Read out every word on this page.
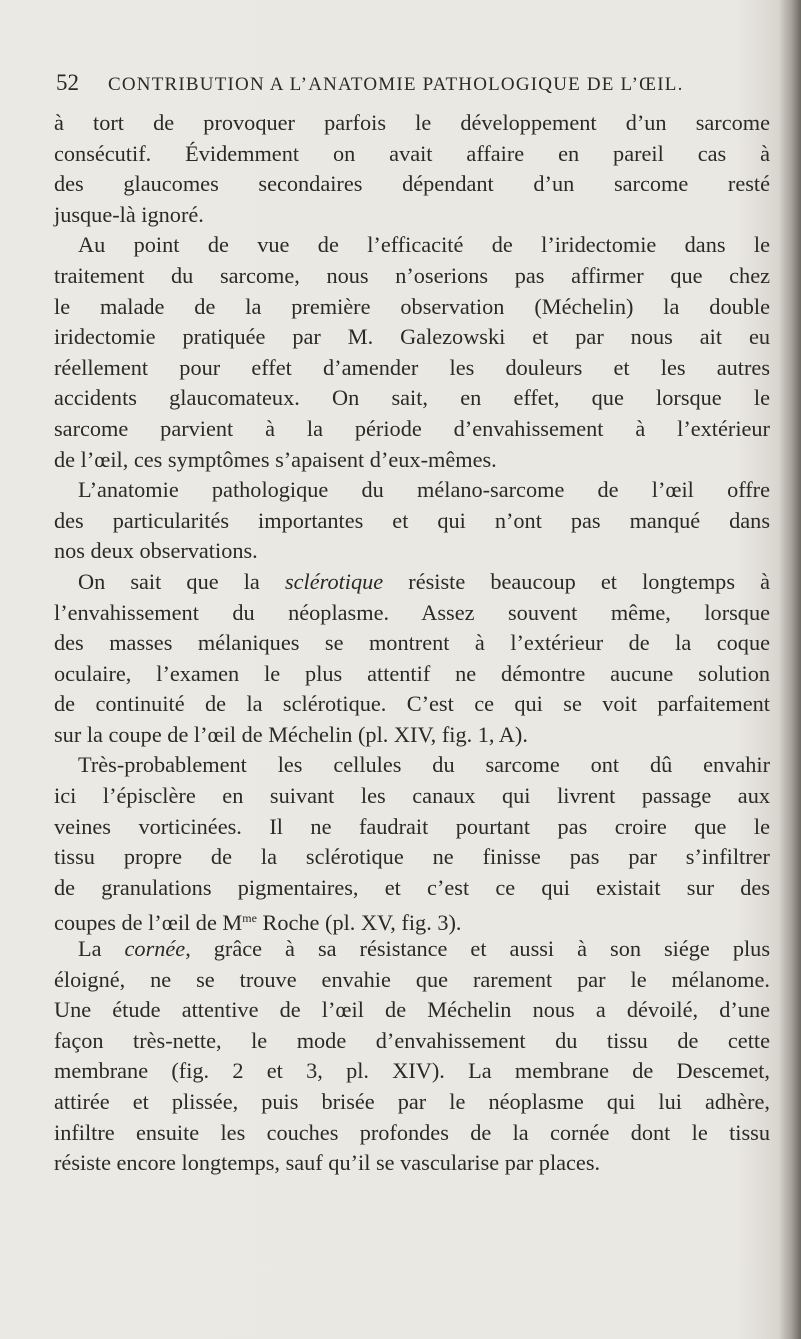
52 CONTRIBUTION A L’ANATOMIE PATHOLOGIQUE DE L’ŒIL.
à tort de provoquer parfois le développement d’un sarcome
consécutif. Évidemment on avait affaire en pareil cas à
des glaucomes secondaires dépendant d’un sarcome resté
jusque-là ignoré.
Au point de vue de l’efficacité de l’iridectomie dans le
traitement du sarcome, nous n’oserions pas affirmer que chez
le malade de la première observation (Méchelin) la double
iridectomie pratiquée par M. Galezowski et par nous ait eu
réellement pour effet d’amender les douleurs et les autres
accidents glaucomateux. On sait, en effet, que lorsque le
sarcome parvient à la période d’envahissement à l’extérieur
de l’œil, ces symptômes s’apaisent d’eux-mêmes.
L’anatomie pathologique du mélano-sarcome de l’œil offre
des particularités importantes et qui n’ont pas manqué dans
nos deux observations.
On sait que la sclérotique résiste beaucoup et longtemps à
l’envahissement du néoplasme. Assez souvent même, lorsque
des masses mélaniques se montrent à l’extérieur de la coque
oculaire, l’examen le plus attentif ne démontre aucune solution
de continuité de la sclérotique. C’est ce qui se voit parfaitement
sur la coupe de l’œil de Méchelin (pl. XIV, fig. 1, A).
Très-probablement les cellules du sarcome ont dû envahir
ici l’épisclère en suivant les canaux qui livrent passage aux
veines vorticinées. Il ne faudrait pourtant pas croire que le
tissu propre de la sclérotique ne finisse pas par s’infiltrer
de granulations pigmentaires, et c’est ce qui existait sur des
coupes de l’œil de $M^{me}$ Roche (pl. XV, fig. 3).
La cornée, grâce à sa résistance et aussi à son siége plus
éloigné, ne se trouve envahie que rarement par le mélanome.
Une étude attentive de l’œil de Méchelin nous a dévoilé, d’une
façon très-nette, le mode d’envahissement du tissu de cette
membrane (fig. 2 et 3, pl. XIV). La membrane de Descemet,
attirée et plissée, puis brisée par le néoplasme qui lui adhère,
infiltre ensuite les couches profondes de la cornée dont le tissu
résiste encore longtemps, sauf qu’il se vascularise par places.
